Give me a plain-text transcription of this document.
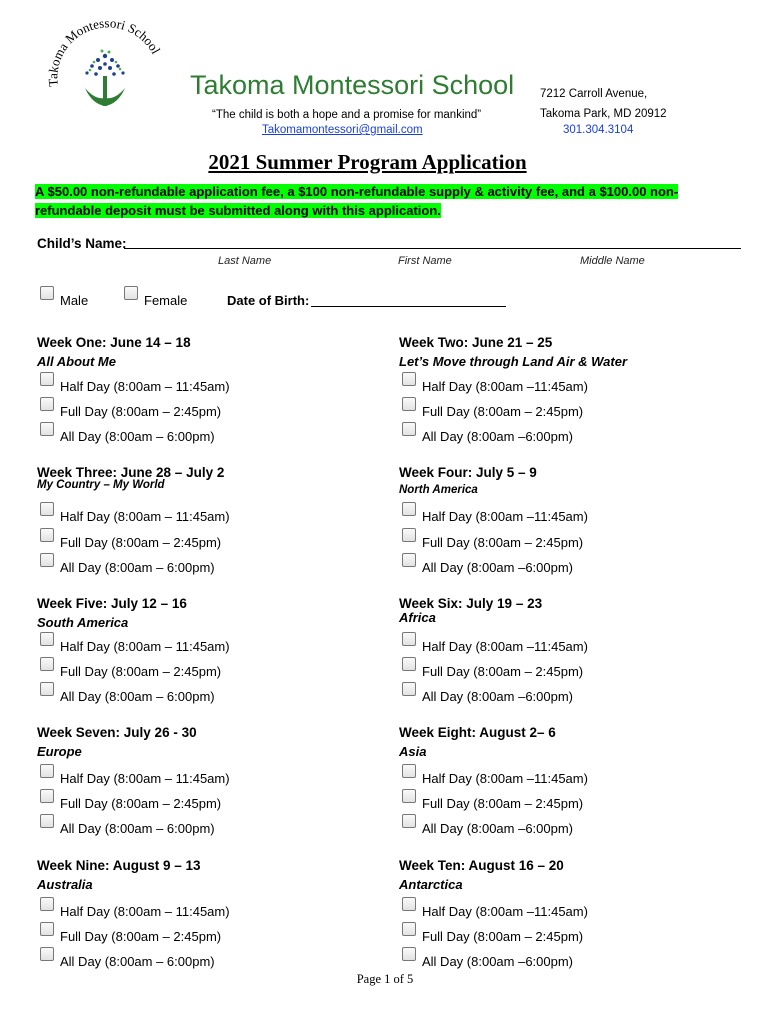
Takoma Montessori School
Takoma Montessori School
“The child is both a hope and a promise for mankind”
Takomamontessori@gmail.com
7212 Carroll Avenue,
Takoma Park, MD 20912
301.304.3104
2021 Summer Program Application
A $50.00 non-refundable application fee, a $100 non-refundable supply & activity fee, and a $100.00 non-refundable deposit must be submitted along with this application.
Child’s Name:
Last Name	First Name	Middle Name
Male	Female	Date of Birth:
Week One: June 14 – 18
All About Me
Half Day (8:00am – 11:45am)
Full Day (8:00am – 2:45pm)
All Day (8:00am – 6:00pm)
Week Two: June 21 – 25
Let’s Move through Land Air & Water
Half Day (8:00am –11:45am)
Full Day (8:00am – 2:45pm)
All Day (8:00am –6:00pm)
Week Three: June 28 – July 2
My Country – My World
Half Day (8:00am – 11:45am)
Full Day (8:00am – 2:45pm)
All Day (8:00am – 6:00pm)
Week Four: July 5 – 9
North America
Half Day (8:00am –11:45am)
Full Day (8:00am – 2:45pm)
All Day (8:00am –6:00pm)
Week Five: July 12 – 16
South America
Half Day (8:00am – 11:45am)
Full Day (8:00am – 2:45pm)
All Day (8:00am – 6:00pm)
Week Six: July 19 – 23
Africa
Half Day (8:00am –11:45am)
Full Day (8:00am – 2:45pm)
All Day (8:00am –6:00pm)
Week Seven: July 26 - 30
Europe
Half Day (8:00am – 11:45am)
Full Day (8:00am – 2:45pm)
All Day (8:00am – 6:00pm)
Week Eight: August 2– 6
Asia
Half Day (8:00am –11:45am)
Full Day (8:00am – 2:45pm)
All Day (8:00am –6:00pm)
Week Nine: August 9 – 13
Australia
Half Day (8:00am – 11:45am)
Full Day (8:00am – 2:45pm)
All Day (8:00am – 6:00pm)
Week Ten: August 16 – 20
Antarctica
Half Day (8:00am –11:45am)
Full Day (8:00am – 2:45pm)
All Day (8:00am –6:00pm)
Page 1 of 5
